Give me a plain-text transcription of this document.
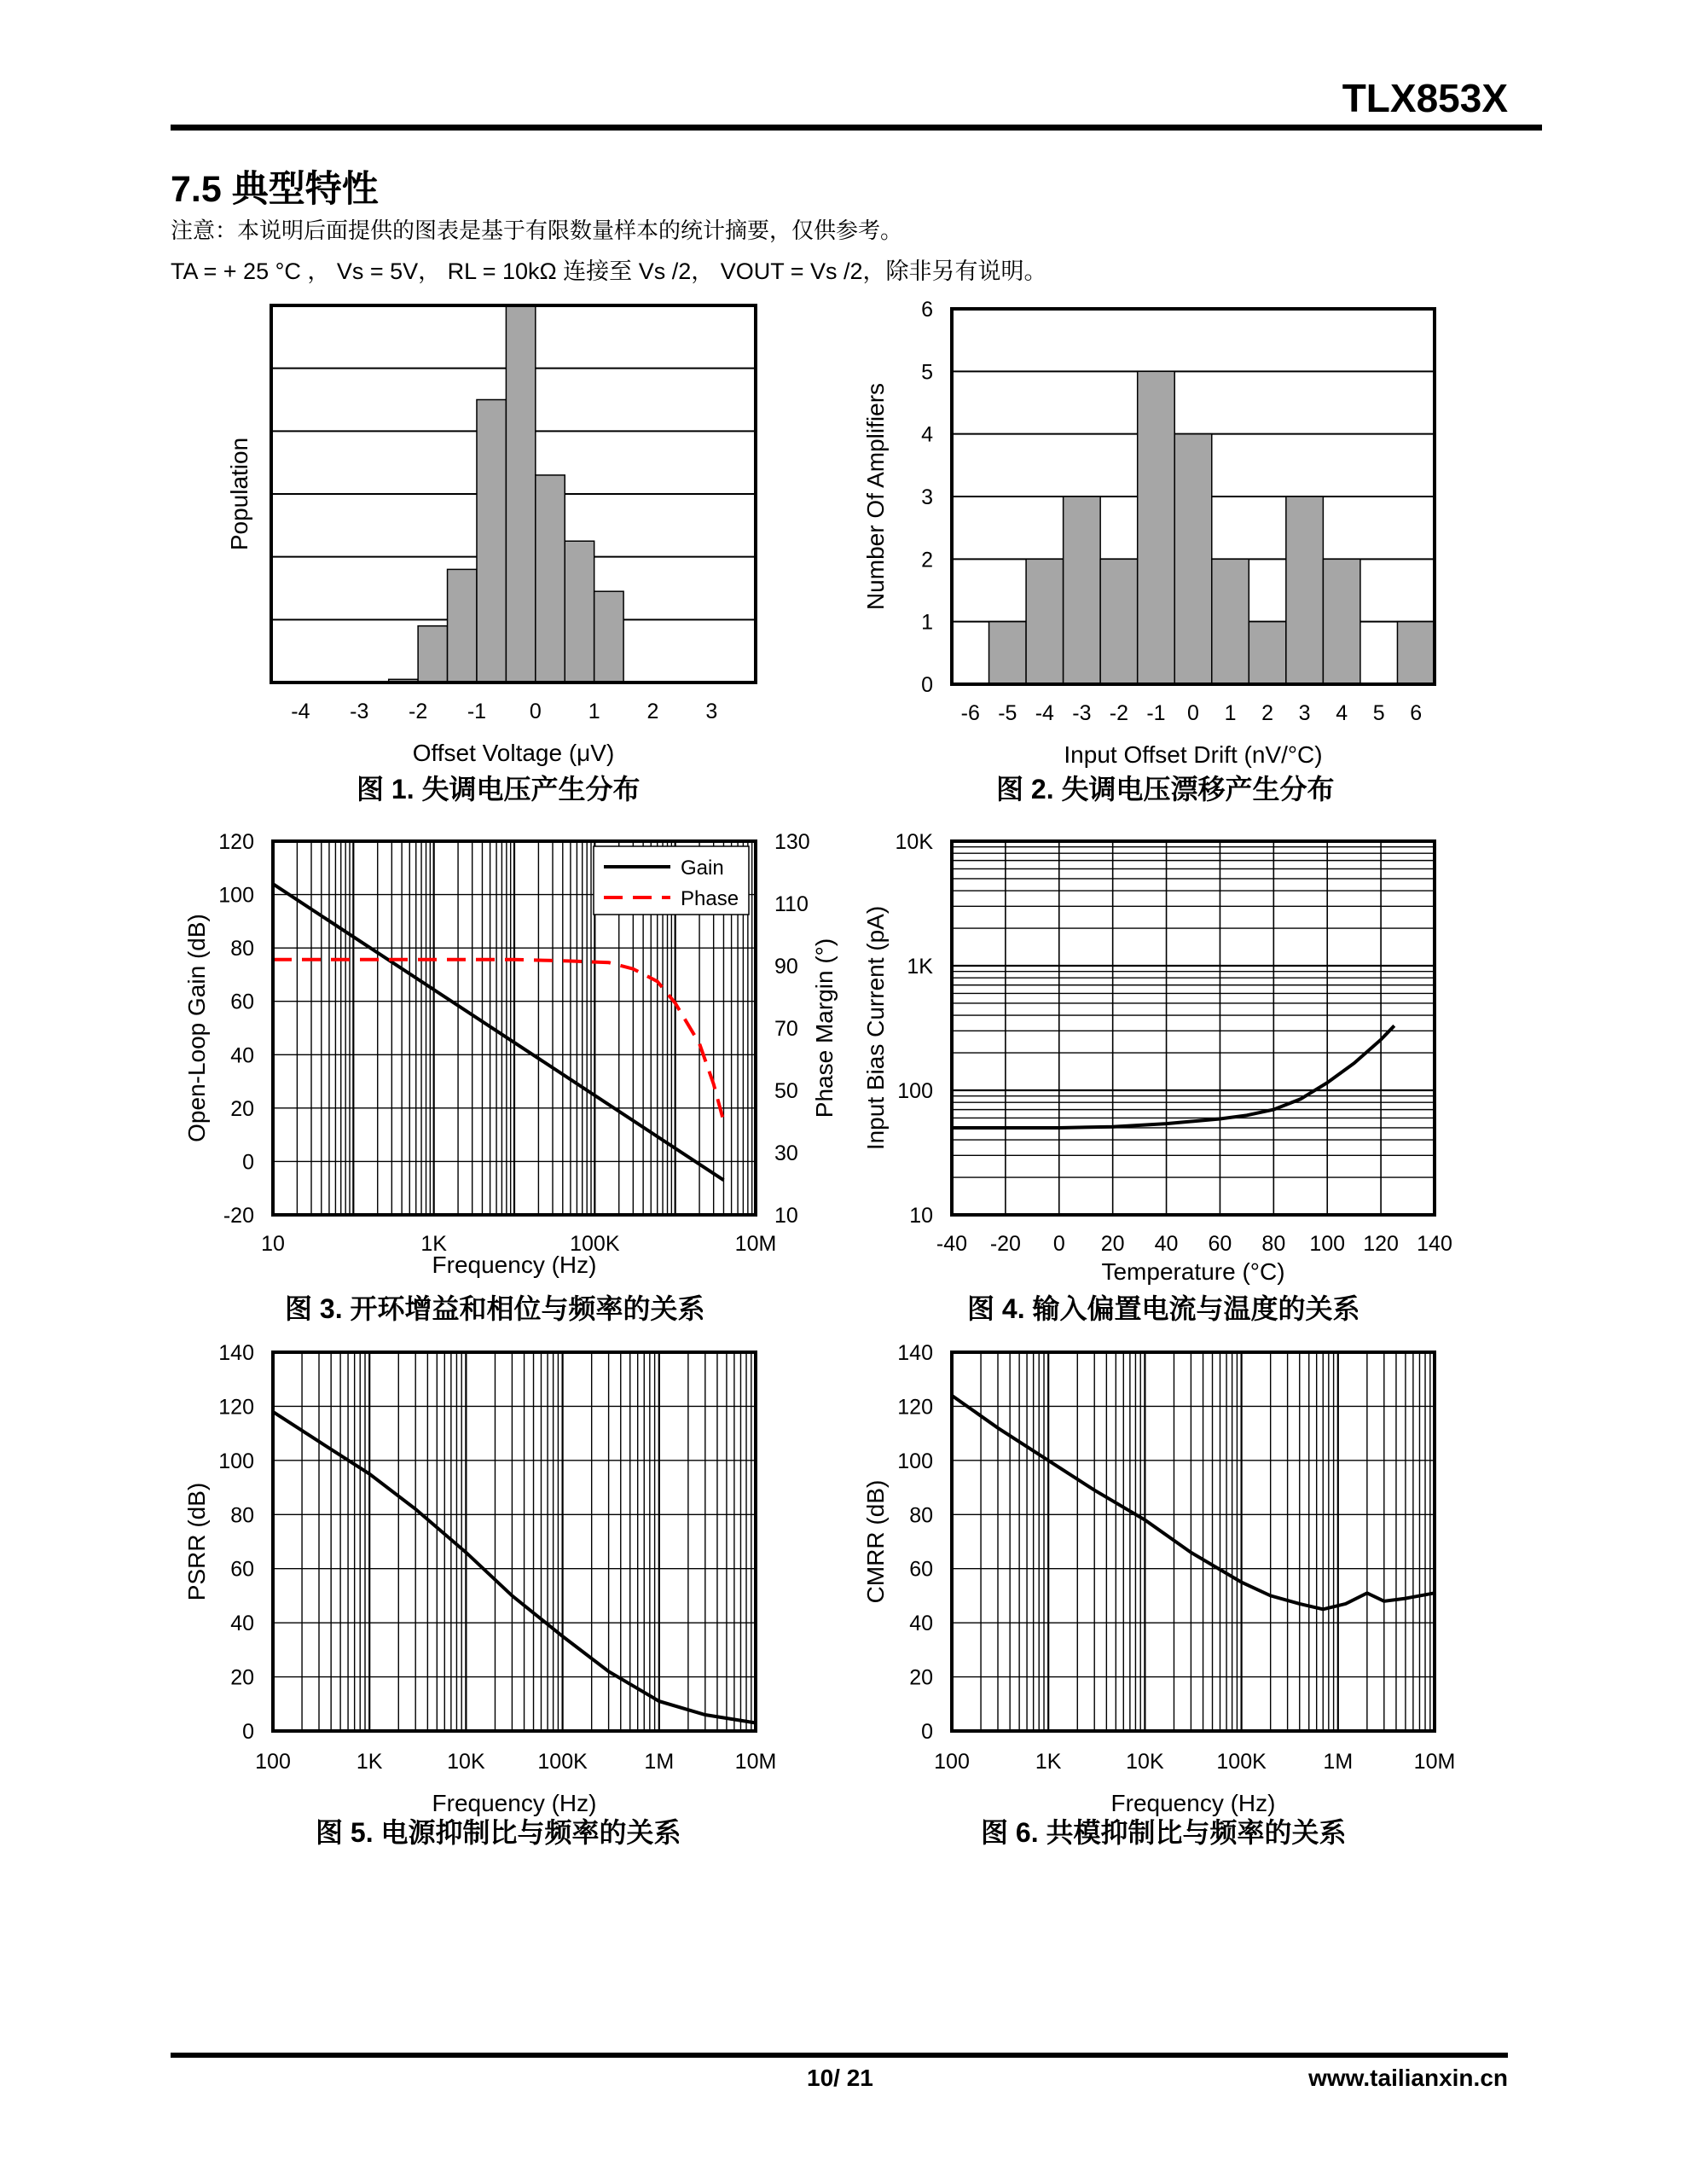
TLX853X
7.5 典型特性
注意：本说明后面提供的图表是基于有限数量样本的统计摘要，仅供参考。
TA = + 25 °C ， Vs = 5V， RL = 10kΩ 连接至 Vs /2， VOUT = Vs /2，除非另有说明。
-4 -3 -2 -1 0 1 2 3
Offset Voltage (μV)
Population
0
1
2
3
4
5
6
-6 -5 -4 -3 -2 -1 0 1 2 3 4 5 6
Input Offset Drift (nV/°C)
Number Of Amplifiers
Gain
Phase
-20
0
20
40
60
80
100
120
10
30
50
70
90
110
130
10	1K	100K	10M
Frequency (Hz)
Open-Loop Gain (dB)	Phase Margin (°)
10
100
1K
10K
-40 -20 0 20 40 60 80 100 120 140
Temperature (°C)
Input Bias Current (pA)
0
20
40
60
80
100
120
140
100	1K	10K 100K	1M	10M
Frequency (Hz)
PSRR (dB)
0
20
40
60
80
100
120
140
100	1K	10K 100K	1M	10M
Frequency (Hz)
CMRR (dB)
图 1. 失调电压产生分布	图 2. 失调电压漂移产生分布
图 3. 开环增益和相位与频率的关系	图 4. 输入偏置电流与温度的关系
图 5. 电源抑制比与频率的关系	图 6. 共模抑制比与频率的关系
10/ 21	www.tailianxin.cn
